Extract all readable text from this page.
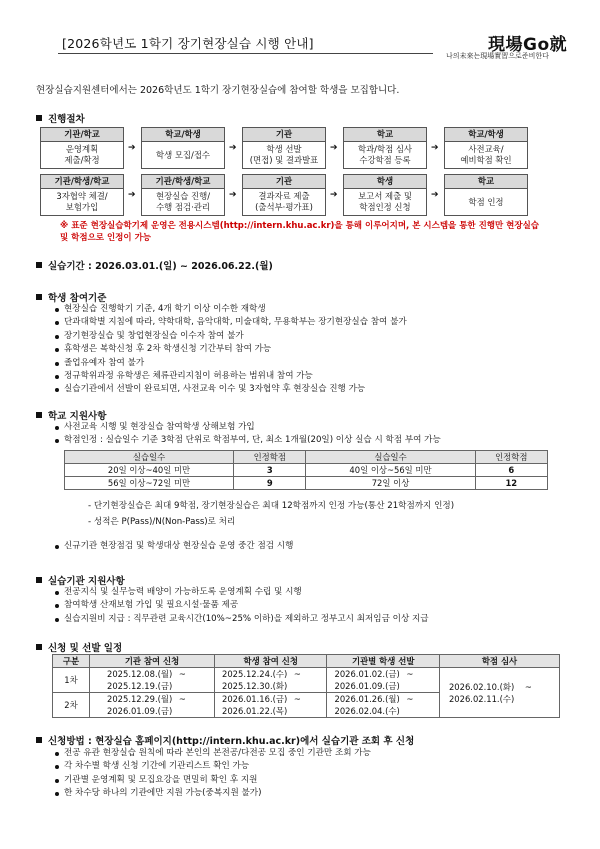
[2026학년도 1학기 장기현장실습 시행 안내]	現場Go就
나의未來는現場實習으로준비한다
현장실습지원센터에서는 2026학년도 1학기 장기현장실습에 참여할 학생을 모집합니다.
진행절차
기관/학교
운영계획
제출/확정
➔
학교/학생
학생 모집/접수
➔
기관
학생 선발
(면접) 및 결과발표
➔
학교
학과/학점 심사
수강학점 등록
➔
학교/학생
사전교육/
예비학점 확인
기관/학생/학교
3자협약 체결/
보험가입
➔
기관/학생/학교
현장실습 진행/
수행 점검·관리
➔
기관
결과자료 제출
(출석부·평가표)
➔
학생
보고서 제출 및
학점인정 신청
➔
학교
학점 인정
※ 표준 현장실습학기제 운영은 전용시스템(http://intern.khu.ac.kr)을 통해 이루어지며, 본 시스템을 통한 진행만 현장실습 및 학점으로 인정이 가능
실습기간 : 2026.03.01.(일) ~ 2026.06.22.(월)
학생 참여기준
현장실습 진행학기 기준, 4개 학기 이상 이수한 재학생
단과대학별 지침에 따라, 약학대학, 음악대학, 미술대학, 무용학부는 장기현장실습 참여 불가
장기현장실습 및 창업현장실습 이수자 참여 불가
휴학생은 복학신청 후 2차 학생신청 기간부터 참여 가능
졸업유예자 참여 불가
정규학위과정 유학생은 체류관리지침이 허용하는 범위내 참여 가능
실습기관에서 선발이 완료되면, 사전교육 이수 및 3자협약 후 현장실습 진행 가능
학교 지원사항
사전교육 시행 및 현장실습 참여학생 상해보험 가입
학점인정 : 실습일수 기준 3학점 단위로 학점부여, 단, 최소 1개월(20일) 이상 실습 시 학점 부여 가능
실습일수	인정학점	실습일수	인정학점
20일 이상~40일 미만	3	40일 이상~56일 미만	6
56일 이상~72일 미만	9	72일 이상	12
- 단기현장실습은 최대 9학점, 장기현장실습은 최대 12학점까지 인정 가능(통산 21학점까지 인정)
- 성적은 P(Pass)/N(Non-Pass)로 처리
신규기관 현장점검 및 학생대상 현장실습 운영 중간 점검 시행
실습기관 지원사항
전공지식 및 실무능력 배양이 가능하도록 운영계획 수립 및 시행
참여학생 산재보험 가입 및 필요시설·물품 제공
실습지원비 지급 : 직무관련 교육시간(10%~25% 이하)을 제외하고 정부고시 최저임금 이상 지급
신청 및 선발 일정
구분	기관 참여 신청	학생 참여 신청	기관별 학생 선발	학점 심사
1차	2025.12.08.(월) ~
2025.12.19.(금)	2025.12.24.(수) ~
2025.12.30.(화)	2026.01.02.(금) ~
2026.01.09.(금)	2026.02.10.(화) ~
2026.02.11.(수)
2차	2025.12.29.(월) ~
2026.01.09.(금)	2026.01.16.(금) ~
2026.01.22.(목)	2026.01.26.(월) ~
2026.02.04.(수)	
신청방법 : 현장실습 홈페이지(http://intern.khu.ac.kr)에서 실습기관 조회 후 신청
전공 유관 현장실습 원칙에 따라 본인의 본전공/다전공 모집 중인 기관만 조회 가능
각 차수별 학생 신청 기간에 기관리스트 확인 가능
기관별 운영계획 및 모집요강을 면밀히 확인 후 지원
한 차수당 하나의 기관에만 지원 가능(중복지원 불가)
